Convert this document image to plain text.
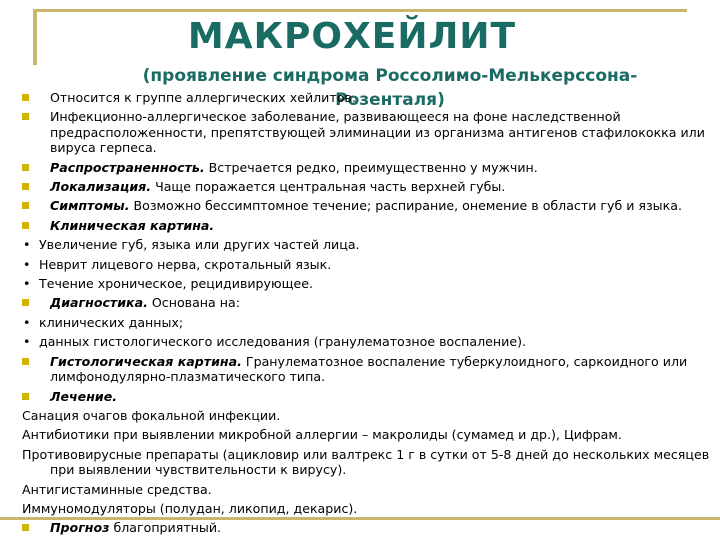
МАКРОХЕЙЛИТ
(проявление синдрома Россолимо-Мелькерссона-Розенталя)
Относится к группе аллергических хейлитов.
Инфекционно-аллергическое заболевание, развивающееся на фоне наследственной предрасположенности, препятствующей элиминации из организма антигенов стафилококка или вируса герпеса.
Распространенность. Встречается редко, преимущественно у мужчин.
Локализация. Чаще поражается центральная часть верхней губы.
Симптомы. Возможно бессимптомное течение; распирание, онемение в области губ и языка.
Клиническая картина.
• Увеличение губ, языка или других частей лица.
• Неврит лицевого нерва, скротальный язык.
• Течение хроническое, рецидивирующее.
Диагностика. Основана на:
• клинических данных;
• данных гистологического исследования (гранулематозное воспаление).
Гистологическая картина. Гранулематозное воспаление туберкулоидного, саркоидного или лимфонодулярно-плазматического типа.
Лечение.
Санация очагов фокальной инфекции.
Антибиотики при выявлении микробной аллергии – макролиды (сумамед и др.), Цифрам.
Противовирусные препараты (ацикловир или валтрекс 1 г в сутки от 5-8 дней до нескольких месяцев при выявлении чувствительности к вирусу).
Антигистаминные средства.
Иммуномодуляторы (полудан, ликопид, декарис).
Прогноз благоприятный.
